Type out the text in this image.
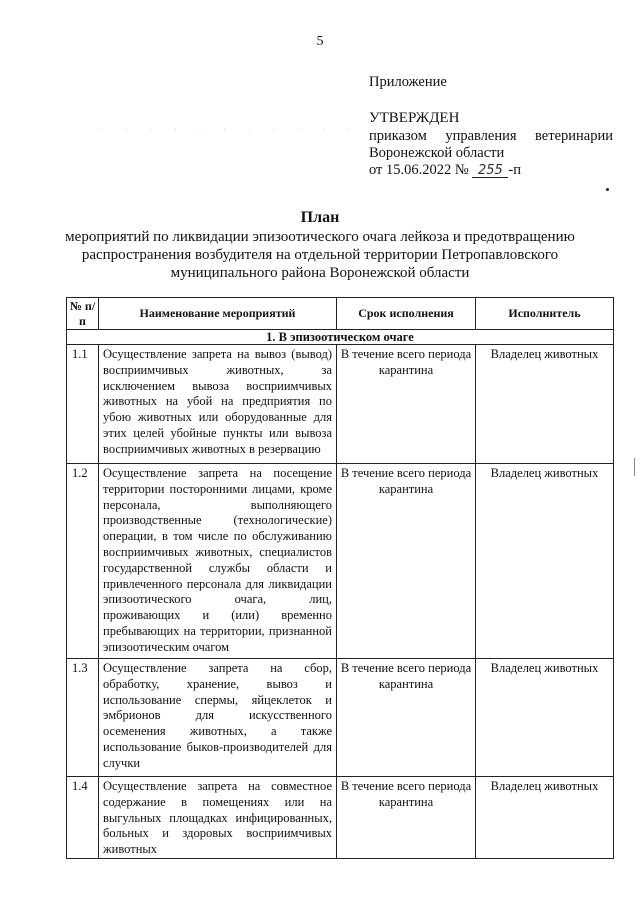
5
Приложение
· · · · · · · · · · · · ·
УТВЕРЖДЕН
приказом управления ветеринарии
Воронежской области
от 15.06.2022 № 255 -п
План
мероприятий по ликвидации эпизоотического очага лейкоза и предотвращению распространения возбудителя на отдельной территории Петропавловского муниципального района Воронежской области
№ п/п	Наименование мероприятий	Срок исполнения	Исполнитель
1. В эпизоотическом очаге			
1.1	Осуществление запрета на вывоз (вывод) восприимчивых животных, за исключением вывоза восприимчивых животных на убой на предприятия по убою животных или оборудованные для этих целей убойные пункты или вывоза восприимчивых животных в резервацию	В течение всего периода карантина	Владелец животных
1.2	Осуществление запрета на посещение территории посторонними лицами, кроме персонала, выполняющего производственные (технологические) операции, в том числе по обслуживанию восприимчивых животных, специалистов государственной службы области и привлеченного персонала для ликвидации эпизоотического очага, лиц, проживающих и (или) временно пребывающих на территории, признанной эпизоотическим очагом	В течение всего периода карантина	Владелец животных
1.3	Осуществление запрета на сбор, обработку, хранение, вывоз и использование спермы, яйцеклеток и эмбрионов для искусственного осеменения животных, а также использование быков-производителей для случки	В течение всего периода карантина	Владелец животных
1.4	Осуществление запрета на совместное содержание в помещениях или на выгульных площадках инфицированных, больных и здоровых восприимчивых животных	В течение всего периода карантина	Владелец животных
